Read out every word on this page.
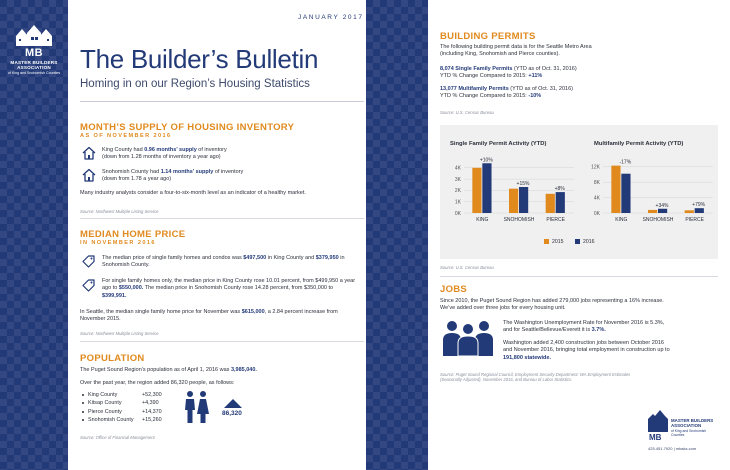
MB
MASTER BUILDERS
ASSOCIATION
of King and Snohomish Counties
JANUARY 2017
The Builder’s Bulletin
Homing in on our Region’s Housing Statistics
MONTH’S SUPPLY OF HOUSING INVENTORY
AS OF NOVEMBER 2016
King County had 0.96 months’ supply of inventory
(down from 1.28 months of inventory a year ago)
Snohomish County had 1.14 months’ supply of inventory
(down from 1.78 a year ago)
Many industry analysts consider a four-to-six-month level as an indicator of a healthy market.
Source: Northwest Multiple Listing Service
MEDIAN HOME PRICE
IN NOVEMBER 2016
The median price of single family homes and condos was $497,500 in King County and $379,950 in Snohomish County.
For single family homes only, the median price in King County rose 10.01 percent, from $499,950 a year ago to $550,000. The median price in Snohomish County rose 14.28 percent, from $350,000 to $399,991.
In Seattle, the median single family home price for November was $615,000, a 2.84 percent increase from November 2015.
Source: Northwest Multiple Listing Service
POPULATION
The Puget Sound Region’s population as of April 1, 2016 was 3,985,040.
Over the past year, the region added 86,320 people, as follows:
King County	+52,300
Kitsap County	+4,390
Pierce County	+14,370
Snohomish County +15,260
86,320
Source: Office of Financial Management
BUILDING PERMITS
The following building permit data is for the Seattle Metro Area
(including King, Snohomish and Pierce counties).
8,074 Single Family Permits (YTD as of Oct. 31, 2016)
YTD % Change Compared to 2015: +11%
13,077 Multifamily Permits (YTD as of Oct. 31, 2016)
YTD % Change Compared to 2015: -10%
Source: U.S. Census Bureau
Single Family Permit Activity (YTD)	Multifamily Permit Activity (YTD)
0K
1K
2K
3K
4K
+10%
KING
+15%
SNOHOMISH
+8%
PIERCE
0K
4K
8K
12K
-17%
KING
+34%
SNOHOMISH
+79%
PIERCE
2015	2016
Source: U.S. Census Bureau
JOBS
Since 2010, the Puget Sound Region has added 279,000 jobs representing a 16% increase.
We’ve added over three jobs for every housing unit.
The Washington Unemployment Rate for November 2016 is 5.3%,
and for Seattle/Bellevue/Everett it is 3.7%.
Washington added 2,400 construction jobs between October 2016
and November 2016, bringing total employment in construction up to
191,800 statewide.
Source: Puget Sound Regional Council, Employment Security Department: WA Employment Estimates
(Seasonally Adjusted), November 2016, and Bureau of Labor Statistics.
MB
MASTER BUILDERS
ASSOCIATION
of King and Snohomish Counties
425.451.7920 | mbaks.com
